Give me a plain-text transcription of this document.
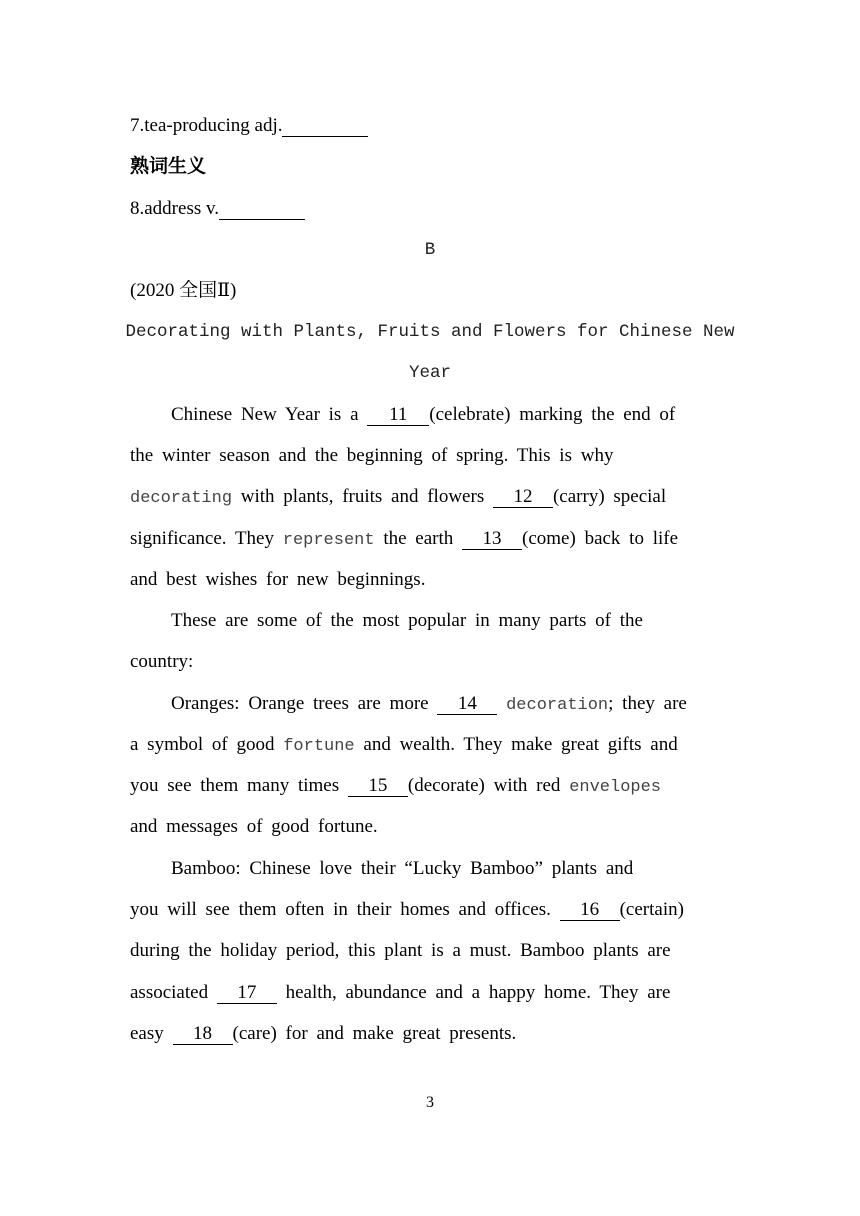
7.tea-producing adj.
熟词生义
8.address v.
B
(2020 全国Ⅱ)
Decorating with Plants, Fruits and Flowers for Chinese New
Year
Chinese New Year is a 11 (celebrate) marking the end of
the winter season and the beginning of spring. This is why
decorating with plants, fruits and flowers 12 (carry) special
significance. They represent the earth 13 (come) back to life
and best wishes for new beginnings.
These are some of the most popular in many parts of the
country:
Oranges: Orange trees are more 14 decoration; they are
a symbol of good fortune and wealth. They make great gifts and
you see them many times 15 (decorate) with red envelopes
and messages of good fortune.
Bamboo: Chinese love their “Lucky Bamboo” plants and
you will see them often in their homes and offices. 16 (certain)
during the holiday period, this plant is a must. Bamboo plants are
associated 17 health, abundance and a happy home. They are
easy 18 (care) for and make great presents.
3
